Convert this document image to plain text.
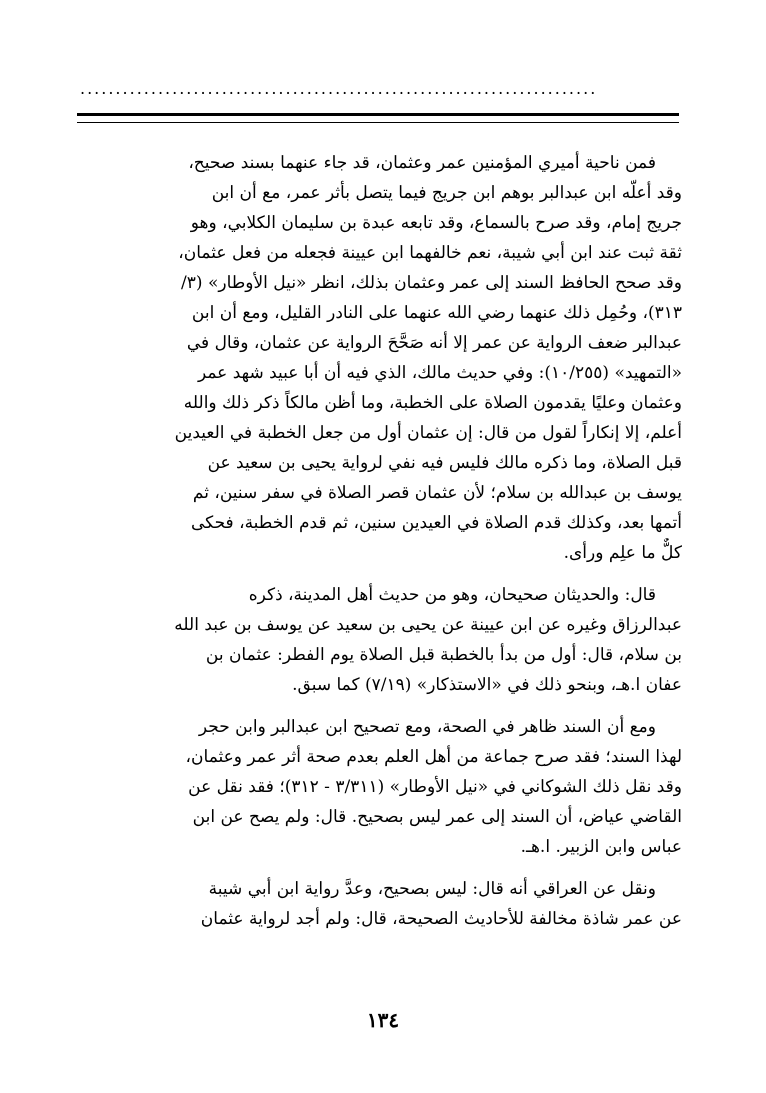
.........................................................................
فمن ناحية أميري المؤمنين عمر وعثمان، قد جاء عنهما بسند صحيح،
وقد أعلّه ابن عبدالبر بوهم ابن جريج فيما يتصل بأثر عمر، مع أن ابن
جريج إمام، وقد صرح بالسماع، وقد تابعه عبدة بن سليمان الكلابي، وهو
ثقة ثبت عند ابن أبي شيبة، نعم خالفهما ابن عيينة فجعله من فعل عثمان،
وقد صحح الحافظ السند إلى عمر وعثمان بذلك، انظر «نيل الأوطار» (٣/
٣١٣)، وحُمِل ذلك عنهما رضي الله عنهما على النادر القليل، ومع أن ابن
عبدالبر ضعف الرواية عن عمر إلا أنه صَحَّحَ الرواية عن عثمان، وقال في
«التمهيد» (١٠/٢٥٥): وفي حديث مالك، الذي فيه أن أبا عبيد شهد عمر
وعثمان وعليًا يقدمون الصلاة على الخطبة، وما أظن مالكاً ذكر ذلك والله
أعلم، إلا إنكاراً لقول من قال: إن عثمان أول من جعل الخطبة في العيدين
قبل الصلاة، وما ذكره مالك فليس فيه نفي لرواية يحيى بن سعيد عن
يوسف بن عبدالله بن سلام؛ لأن عثمان قصر الصلاة في سفر سنين، ثم
أتمها بعد، وكذلك قدم الصلاة في العيدين سنين، ثم قدم الخطبة، فحكى
كلٌّ ما علِم ورأى.
قال: والحديثان صحيحان، وهو من حديث أهل المدينة، ذكره
عبدالرزاق وغيره عن ابن عيينة عن يحيى بن سعيد عن يوسف بن عبد الله
بن سلام، قال: أول من بدأ بالخطبة قبل الصلاة يوم الفطر: عثمان بن
عفان ا.هـ، وبنحو ذلك في «الاستذكار» (٧/١٩) كما سبق.
ومع أن السند ظاهر في الصحة، ومع تصحيح ابن عبدالبر وابن حجر
لهذا السند؛ فقد صرح جماعة من أهل العلم بعدم صحة أثر عمر وعثمان،
وقد نقل ذلك الشوكاني في «نيل الأوطار» (٣/٣١١ - ٣١٢)؛ فقد نقل عن
القاضي عياض، أن السند إلى عمر ليس بصحيح. قال: ولم يصح عن ابن
عباس وابن الزبير. ا.هـ.
ونقل عن العراقي أنه قال: ليس بصحيح، وعدَّ رواية ابن أبي شيبة
عن عمر شاذة مخالفة للأحاديث الصحيحة، قال: ولم أجد لرواية عثمان
١٣٤
